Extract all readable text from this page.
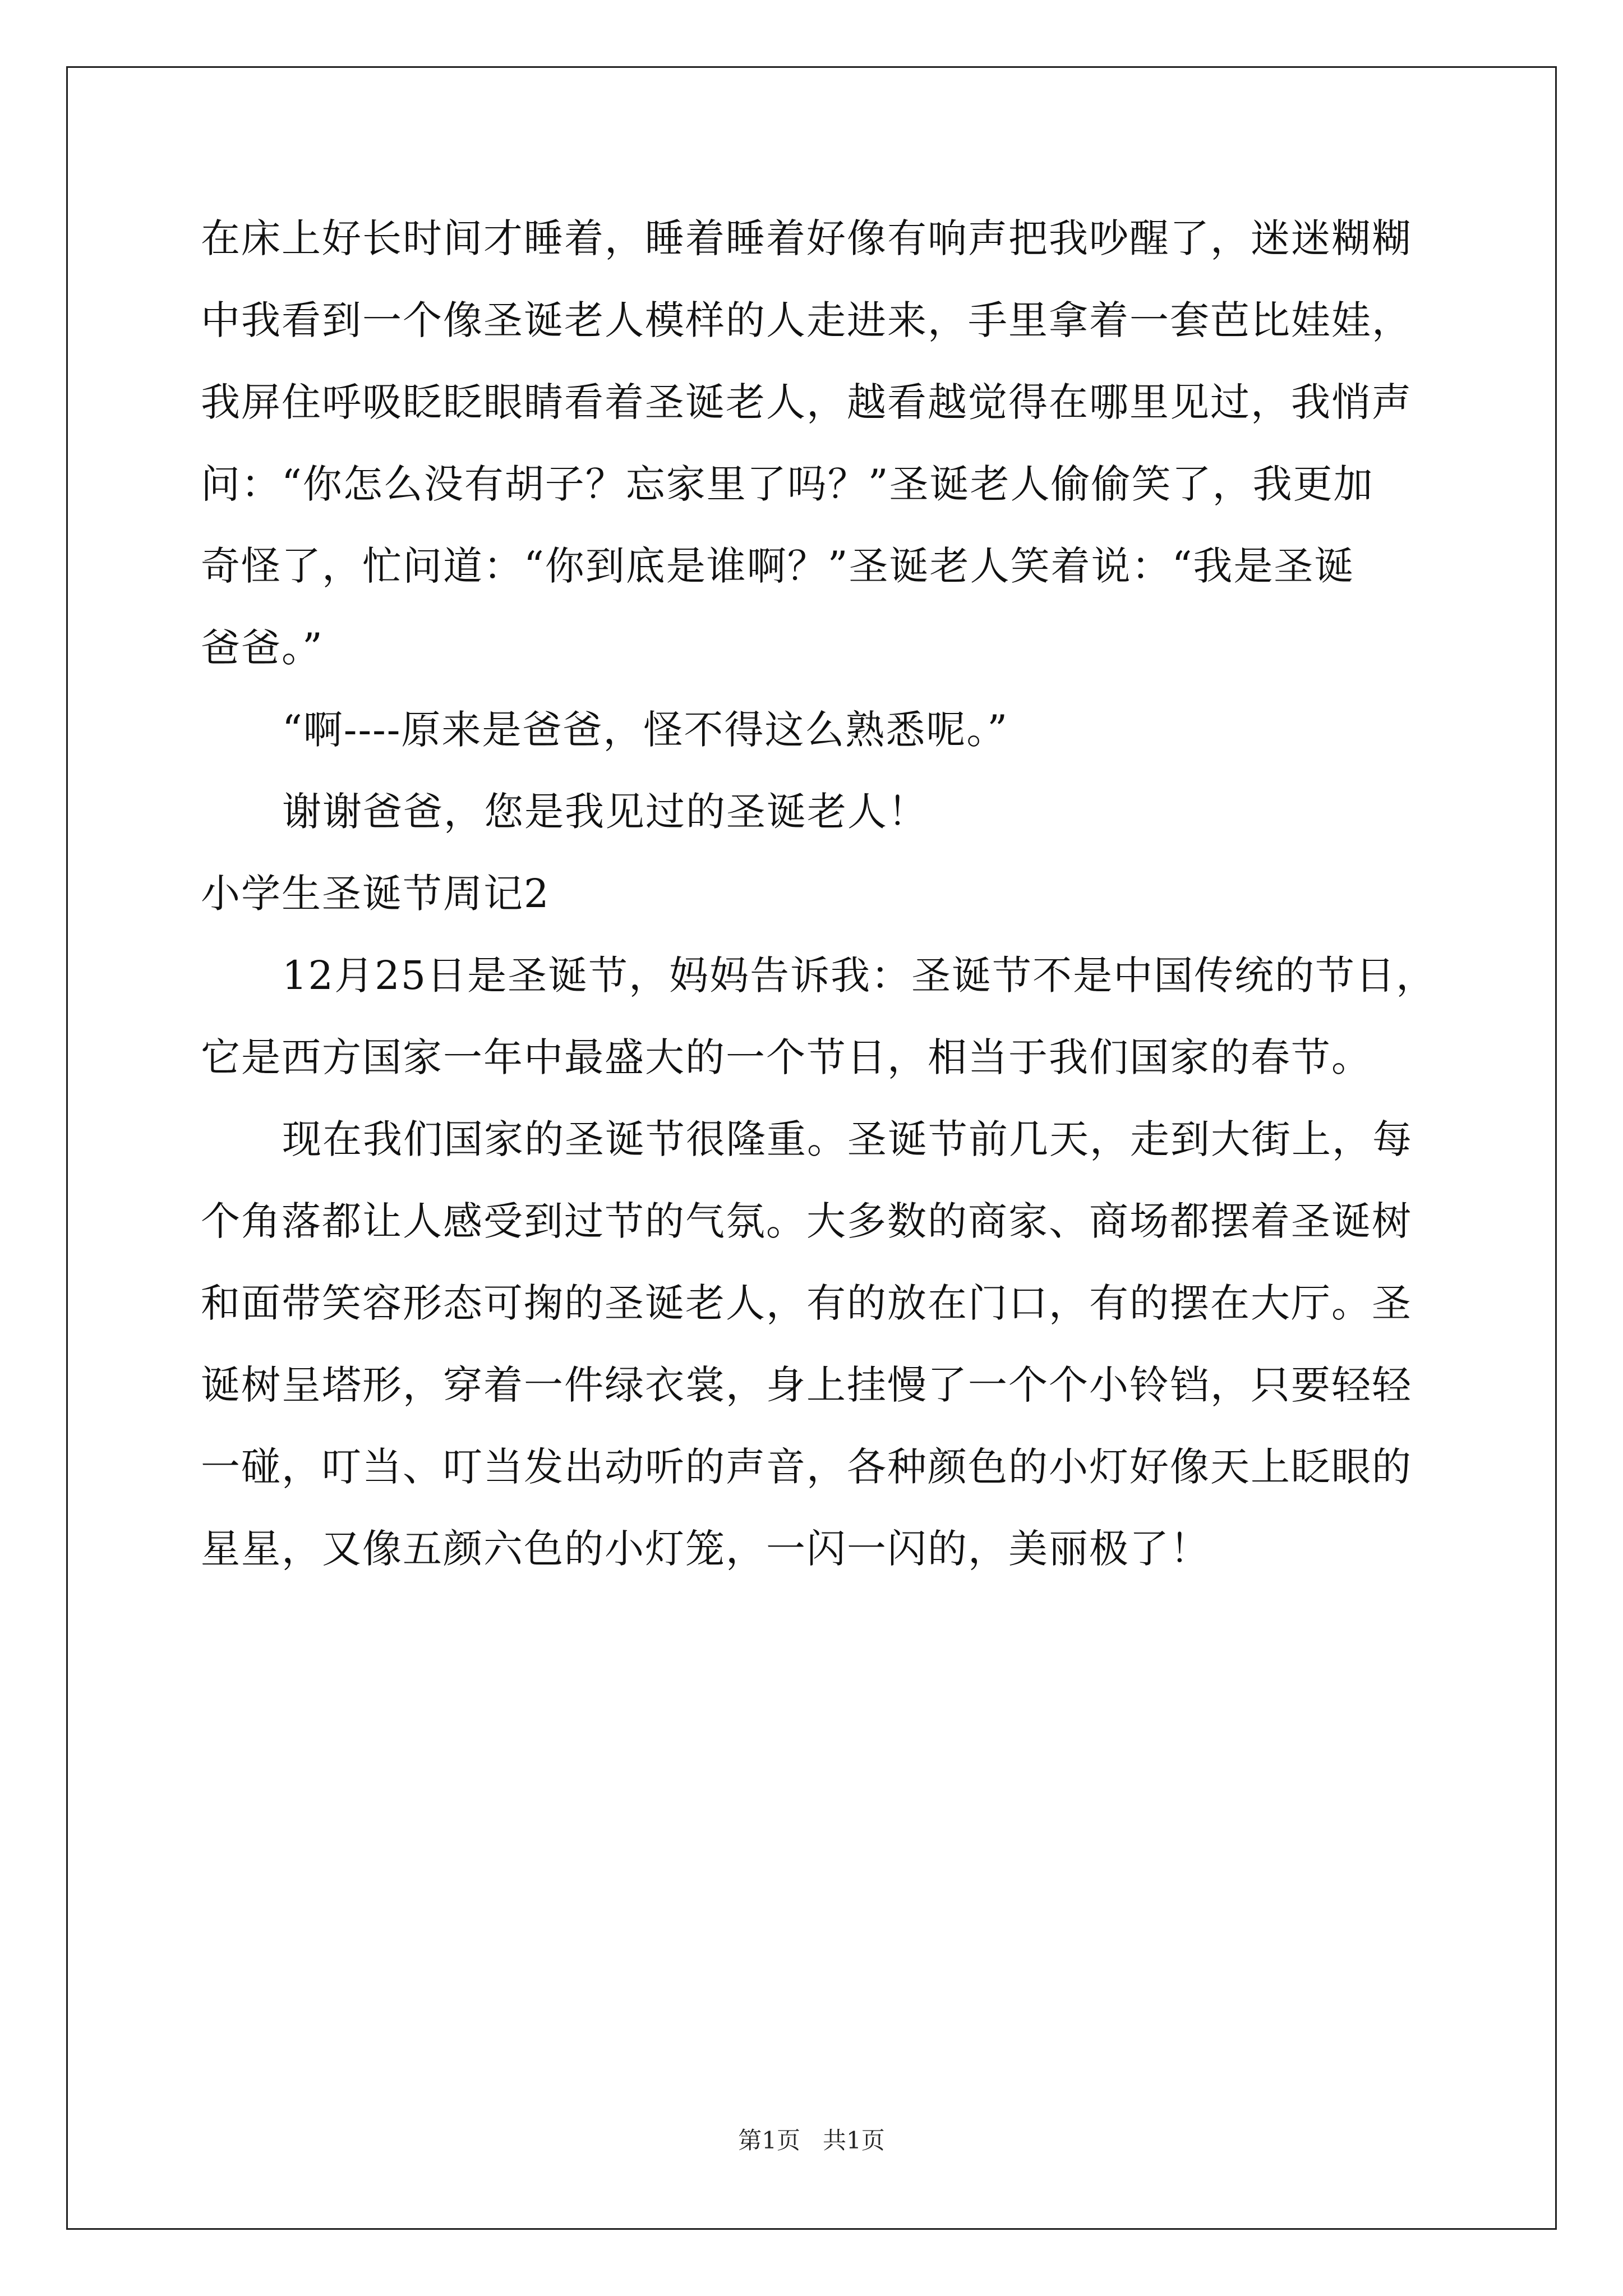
在床上好长时间才睡着，睡着睡着好像有响声把我吵醒了，迷迷糊糊

中我看到一个像圣诞老人模样的人走进来，手里拿着一套芭比娃娃，

我屏住呼吸眨眨眼睛看着圣诞老人，越看越觉得在哪里见过，我悄声

问：“你怎么没有胡子？忘家里了吗？”圣诞老人偷偷笑了，我更加

奇怪了，忙问道：“你到底是谁啊？”圣诞老人笑着说：“我是圣诞

爸爸。”

“啊----原来是爸爸，怪不得这么熟悉呢。”

谢谢爸爸，您是我见过的圣诞老人！

小学生圣诞节周记2

12月25日是圣诞节，妈妈告诉我：圣诞节不是中国传统的节日，

它是西方国家一年中最盛大的一个节日，相当于我们国家的春节。

现在我们国家的圣诞节很隆重。圣诞节前几天，走到大街上，每

个角落都让人感受到过节的气氛。大多数的商家、商场都摆着圣诞树

和面带笑容形态可掬的圣诞老人，有的放在门口，有的摆在大厅。圣

诞树呈塔形，穿着一件绿衣裳，身上挂慢了一个个小铃铛，只要轻轻

一碰，叮当、叮当发出动听的声音，各种颜色的小灯好像天上眨眼的

星星，又像五颜六色的小灯笼，一闪一闪的，美丽极了！

第1页   共1页
